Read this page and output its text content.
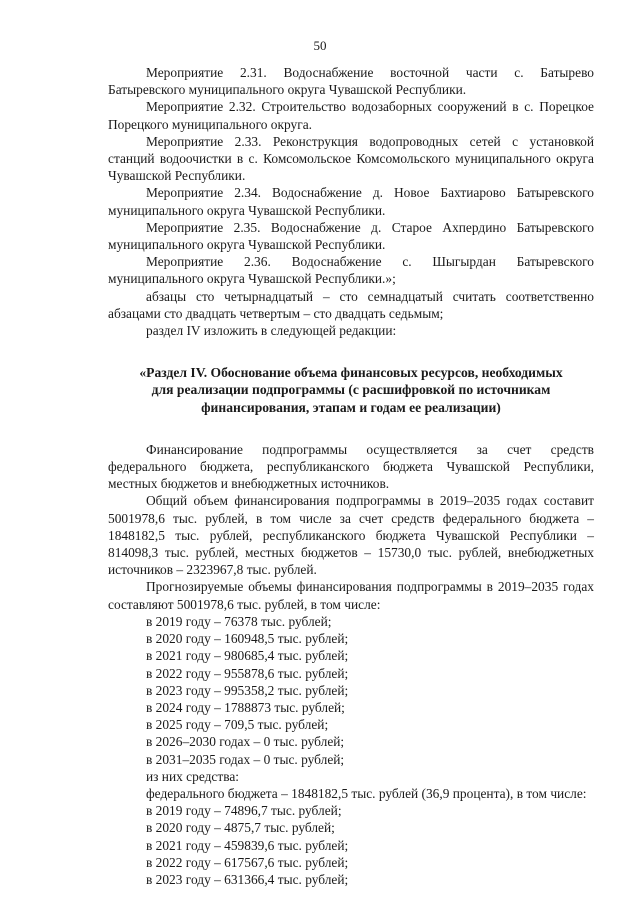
50

Мероприятие 2.31. Водоснабжение восточной части с. Батырево Батыревского муниципального округа Чувашской Республики.

Мероприятие 2.32. Строительство водозаборных сооружений в с. Порецкое Порецкого муниципального округа.

Мероприятие 2.33. Реконструкция водопроводных сетей с установкой станций водоочистки в с. Комсомольское Комсомольского муниципального округа Чувашской Республики.

Мероприятие 2.34. Водоснабжение д. Новое Бахтиарово Батыревского муниципального округа Чувашской Республики.

Мероприятие 2.35. Водоснабжение д. Старое Ахпердино Батыревского муниципального округа Чувашской Республики.

Мероприятие 2.36. Водоснабжение с. Шыгырдан Батыревского муниципального округа Чувашской Республики.»;

абзацы сто четырнадцатый – сто семнадцатый считать соответственно абзацами сто двадцать четвертым – сто двадцать седьмым;

раздел IV изложить в следующей редакции:

«Раздел IV. Обоснование объема финансовых ресурсов, необходимых
для реализации подпрограммы (с расшифровкой по источникам
финансирования, этапам и годам ее реализации)

Финансирование подпрограммы осуществляется за счет средств федерального бюджета, республиканского бюджета Чувашской Республики, местных бюджетов и внебюджетных источников.

Общий объем финансирования подпрограммы в 2019–2035 годах составит 5001978,6 тыс. рублей, в том числе за счет средств федерального бюджета – 1848182,5 тыс. рублей, республиканского бюджета Чувашской Республики – 814098,3 тыс. рублей, местных бюджетов – 15730,0 тыс. рублей, внебюджетных источников – 2323967,8 тыс. рублей.

Прогнозируемые объемы финансирования подпрограммы в 2019–2035 годах составляют 5001978,6 тыс. рублей, в том числе:

в 2019 году – 76378 тыс. рублей;

в 2020 году – 160948,5 тыс. рублей;

в 2021 году – 980685,4 тыс. рублей;

в 2022 году – 955878,6 тыс. рублей;

в 2023 году – 995358,2 тыс. рублей;

в 2024 году – 1788873 тыс. рублей;

в 2025 году – 709,5 тыс. рублей;

в 2026–2030 годах – 0 тыс. рублей;

в 2031–2035 годах – 0 тыс. рублей;

из них средства:

федерального бюджета – 1848182,5 тыс. рублей (36,9 процента), в том числе:

в 2019 году – 74896,7 тыс. рублей;

в 2020 году – 4875,7 тыс. рублей;

в 2021 году – 459839,6 тыс. рублей;

в 2022 году – 617567,6 тыс. рублей;

в 2023 году – 631366,4 тыс. рублей;
